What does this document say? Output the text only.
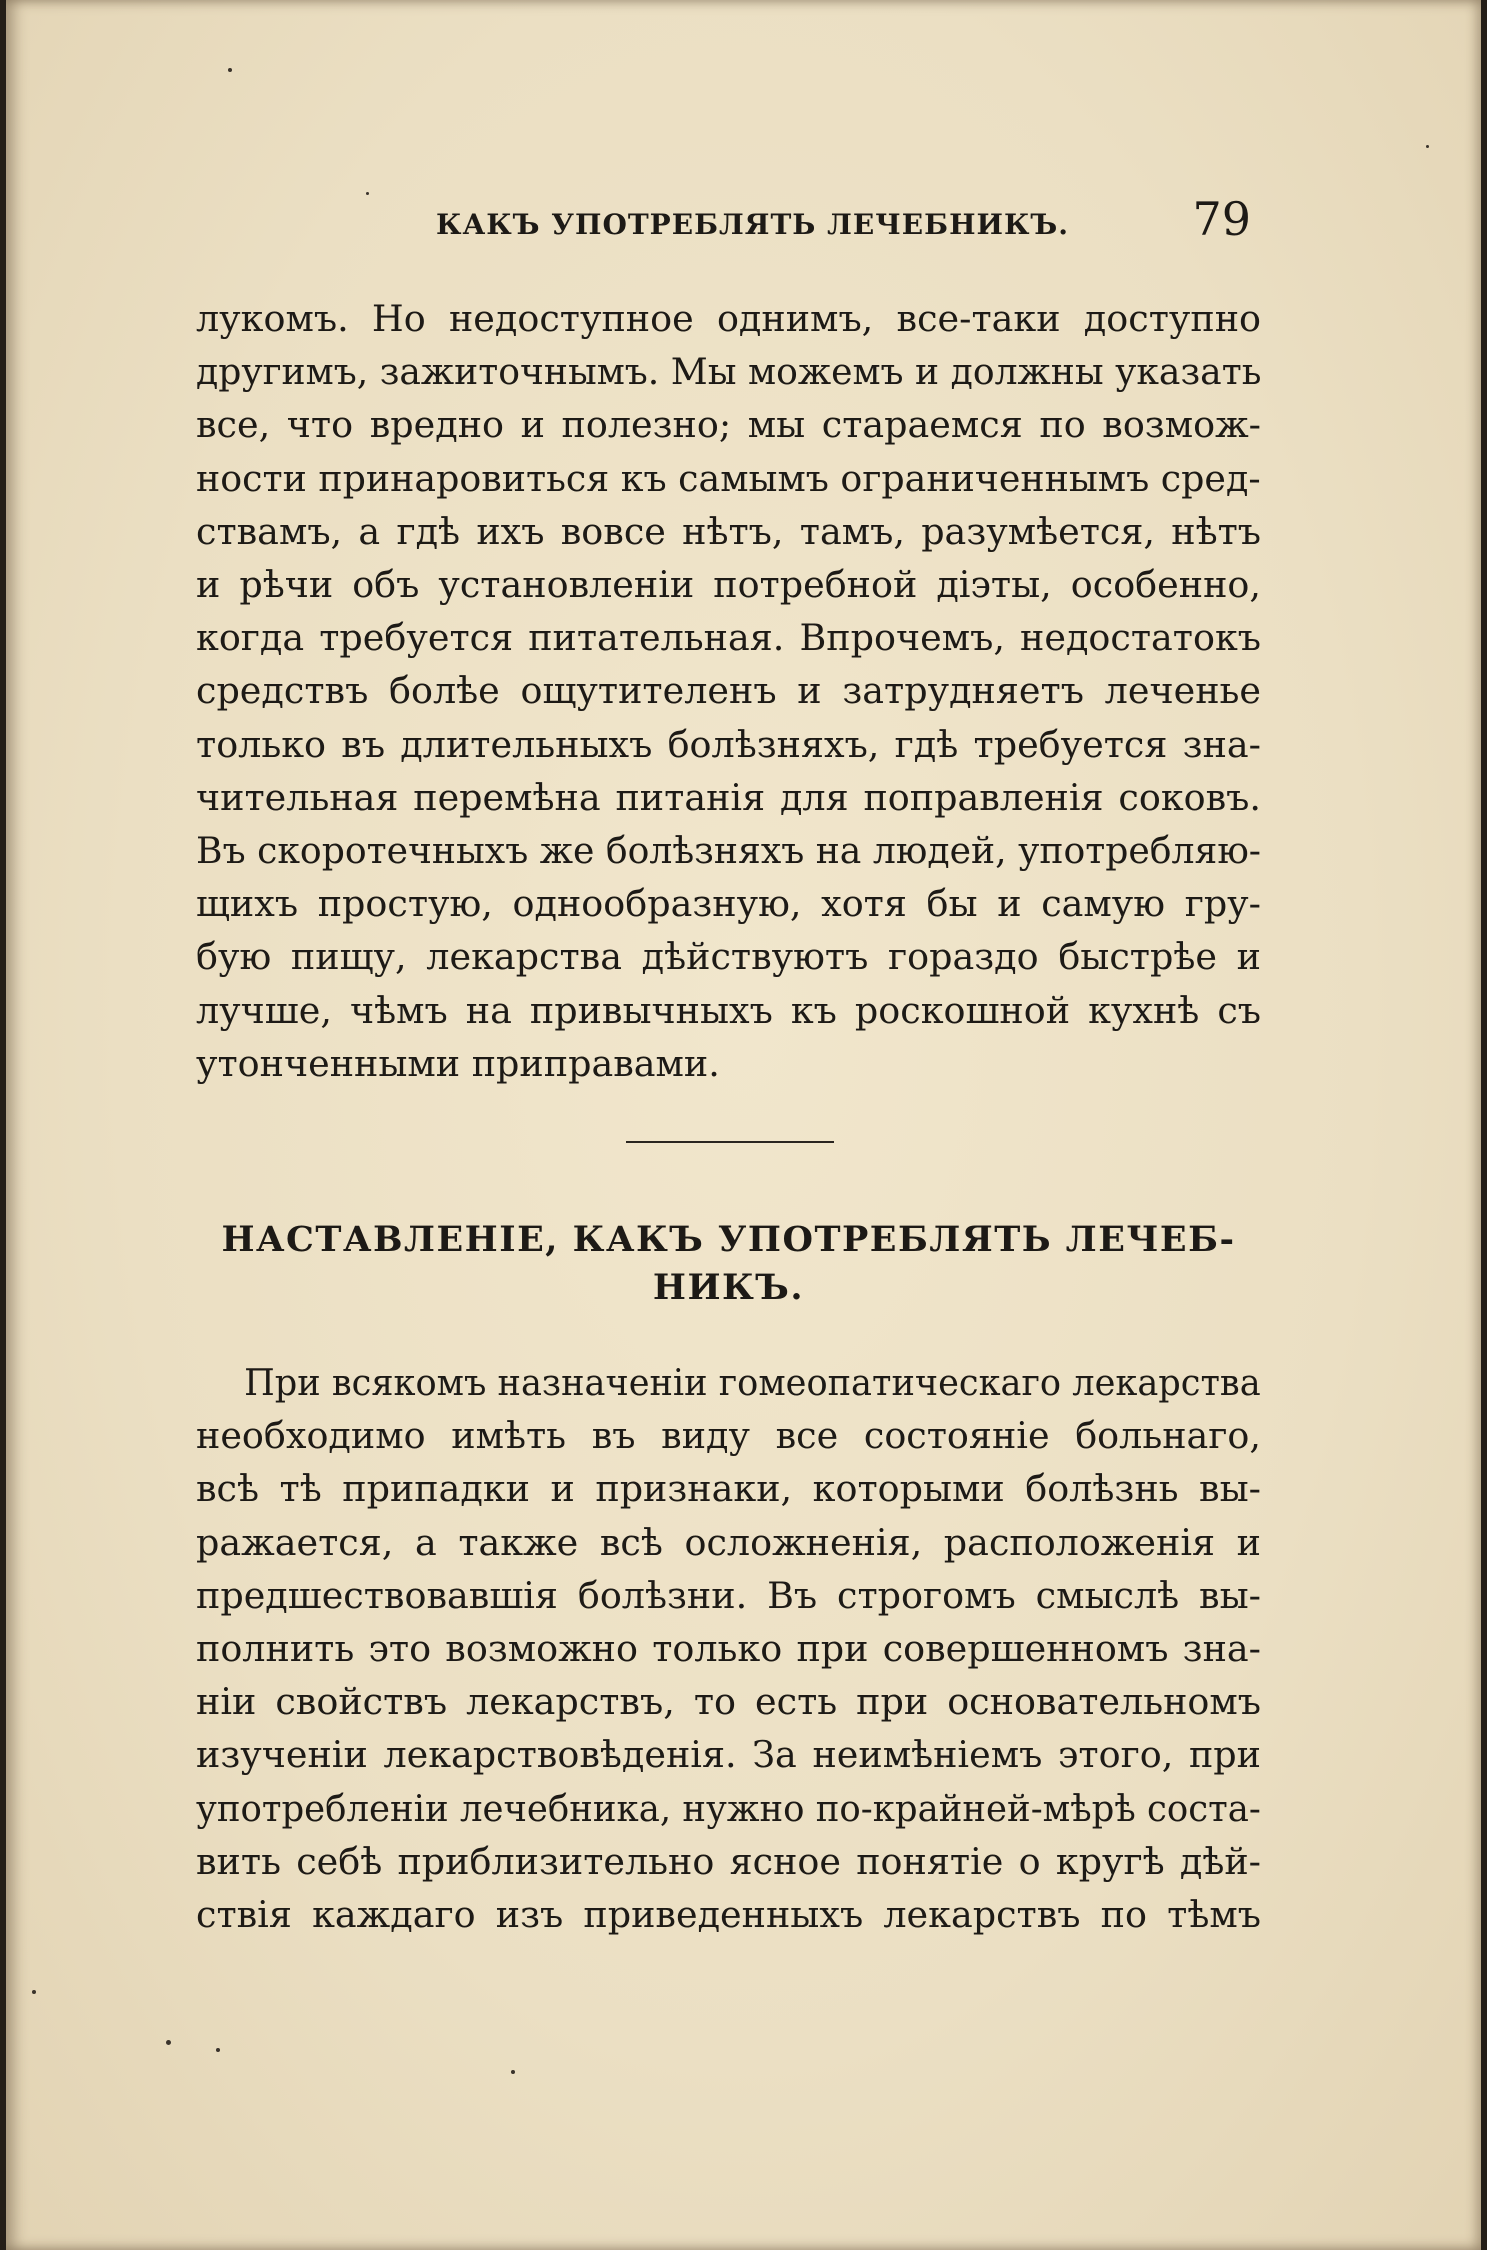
КАКЪ УПОТРЕБЛЯТЬ ЛЕЧЕБНИКЪ.	79
лукомъ. Но недоступное однимъ, все-таки доступно
другимъ, зажиточнымъ. Мы можемъ и должны указать
все, что вредно и полезно; мы стараемся по возмож-
ности принаровиться къ самымъ ограниченнымъ сред-
ствамъ, а гдѣ ихъ вовсе нѣтъ, тамъ, разумѣется, нѣтъ
и рѣчи объ установленіи потребной діэты, особенно,
когда требуется питательная. Впрочемъ, недостатокъ
средствъ болѣе ощутителенъ и затрудняетъ леченье
только въ длительныхъ болѣзняхъ, гдѣ требуется зна-
чительная перемѣна питанія для поправленія соковъ.
Въ скоротечныхъ же болѣзняхъ на людей, употребляю-
щихъ простую, однообразную, хотя бы и самую гру-
бую пищу, лекарства дѣйствуютъ гораздо быстрѣе и
лучше, чѣмъ на привычныхъ къ роскошной кухнѣ съ
утонченными приправами.
НАСТАВЛЕНІЕ, КАКЪ УПОТРЕБЛЯТЬ ЛЕЧЕБ-
НИКЪ.
При всякомъ назначеніи гомеопатическаго лекарства
необходимо имѣть въ виду все состояніе больнаго,
всѣ тѣ припадки и признаки, которыми болѣзнь вы-
ражается, а также всѣ осложненія, расположенія и
предшествовавшія болѣзни. Въ строгомъ смыслѣ вы-
полнить это возможно только при совершенномъ зна-
ніи свойствъ лекарствъ, то есть при основательномъ
изученіи лекарствовѣденія. За неимѣніемъ этого, при
употребленіи лечебника, нужно по-крайней-мѣрѣ соста-
вить себѣ приблизительно ясное понятіе о кругѣ дѣй-
ствія каждаго изъ приведенныхъ лекарствъ по тѣмъ
